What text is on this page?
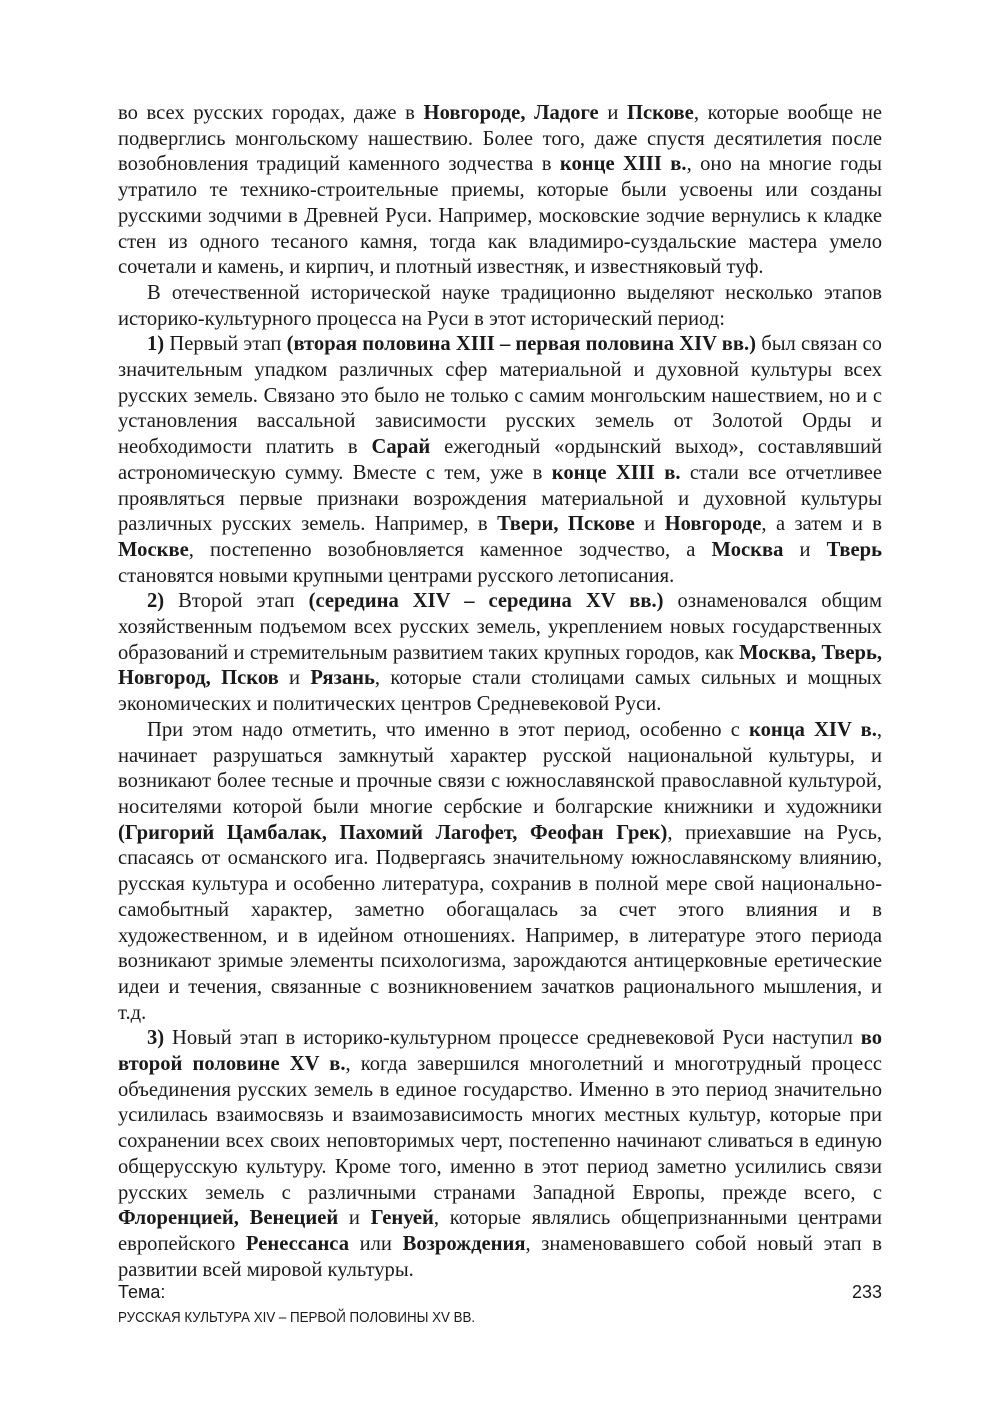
во всех русских городах, даже в Новгороде, Ладоге и Пскове, которые вообще не подверглись монгольскому нашествию. Более того, даже спустя десятилетия после возобновления традиций каменного зодчества в конце XIII в., оно на многие годы утратило те технико-строительные приемы, которые были усвоены или созданы русскими зодчими в Древней Руси. Например, московские зодчие вернулись к кладке стен из одного тесаного камня, тогда как владимиро-суздальские мастера умело сочетали и камень, и кирпич, и плотный известняк, и известняковый туф.

В отечественной исторической науке традиционно выделяют несколько этапов историко-культурного процесса на Руси в этот исторический период:

1) Первый этап (вторая половина XIII – первая половина XIV вв.) был связан со значительным упадком различных сфер материальной и духовной культуры всех русских земель. Связано это было не только с самим монгольским нашествием, но и с установления вассальной зависимости русских земель от Золотой Орды и необходимости платить в Сарай ежегодный «ордынский выход», составлявший астрономическую сумму. Вместе с тем, уже в конце XIII в. стали все отчетливее проявляться первые признаки возрождения материальной и духовной культуры различных русских земель. Например, в Твери, Пскове и Новгороде, а затем и в Москве, постепенно возобновляется каменное зодчество, а Москва и Тверь становятся новыми крупными центрами русского летописания.

2) Второй этап (середина XIV – середина XV вв.) ознаменовался общим хозяйственным подъемом всех русских земель, укреплением новых государственных образований и стремительным развитием таких крупных городов, как Москва, Тверь, Новгород, Псков и Рязань, которые стали столицами самых сильных и мощных экономических и политических центров Средневековой Руси.

При этом надо отметить, что именно в этот период, особенно с конца XIV в., начинает разрушаться замкнутый характер русской национальной культуры, и возникают более тесные и прочные связи с южнославянской православной культурой, носителями которой были многие сербские и болгарские книжники и художники (Григорий Цамбалак, Пахомий Лагофет, Феофан Грек), приехавшие на Русь, спасаясь от османского ига. Подвергаясь значительному южнославянскому влиянию, русская культура и особенно литература, сохранив в полной мере свой национально-самобытный характер, заметно обогащалась за счет этого влияния и в художественном, и в идейном отношениях. Например, в литературе этого периода возникают зримые элементы психологизма, зарождаются антицерковные еретические идеи и течения, связанные с возникновением зачатков рационального мышления, и т.д.

3) Новый этап в историко-культурном процессе средневековой Руси наступил во второй половине XV в., когда завершился многолетний и многотрудный процесс объединения русских земель в единое государство. Именно в это период значительно усилилась взаимосвязь и взаимозависимость многих местных культур, которые при сохранении всех своих неповторимых черт, постепенно начинают сливаться в единую общерусскую культуру. Кроме того, именно в этот период заметно усилились связи русских земель с различными странами Западной Европы, прежде всего, с Флоренцией, Венецией и Генуей, которые являлись общепризнанными центрами европейского Ренессанса или Возрождения, знаменовавшего собой новый этап в развитии всей мировой культуры.

Тема:
РУССКАЯ КУЛЬТУРА XIV – ПЕРВОЙ ПОЛОВИНЫ XV ВВ.
233
